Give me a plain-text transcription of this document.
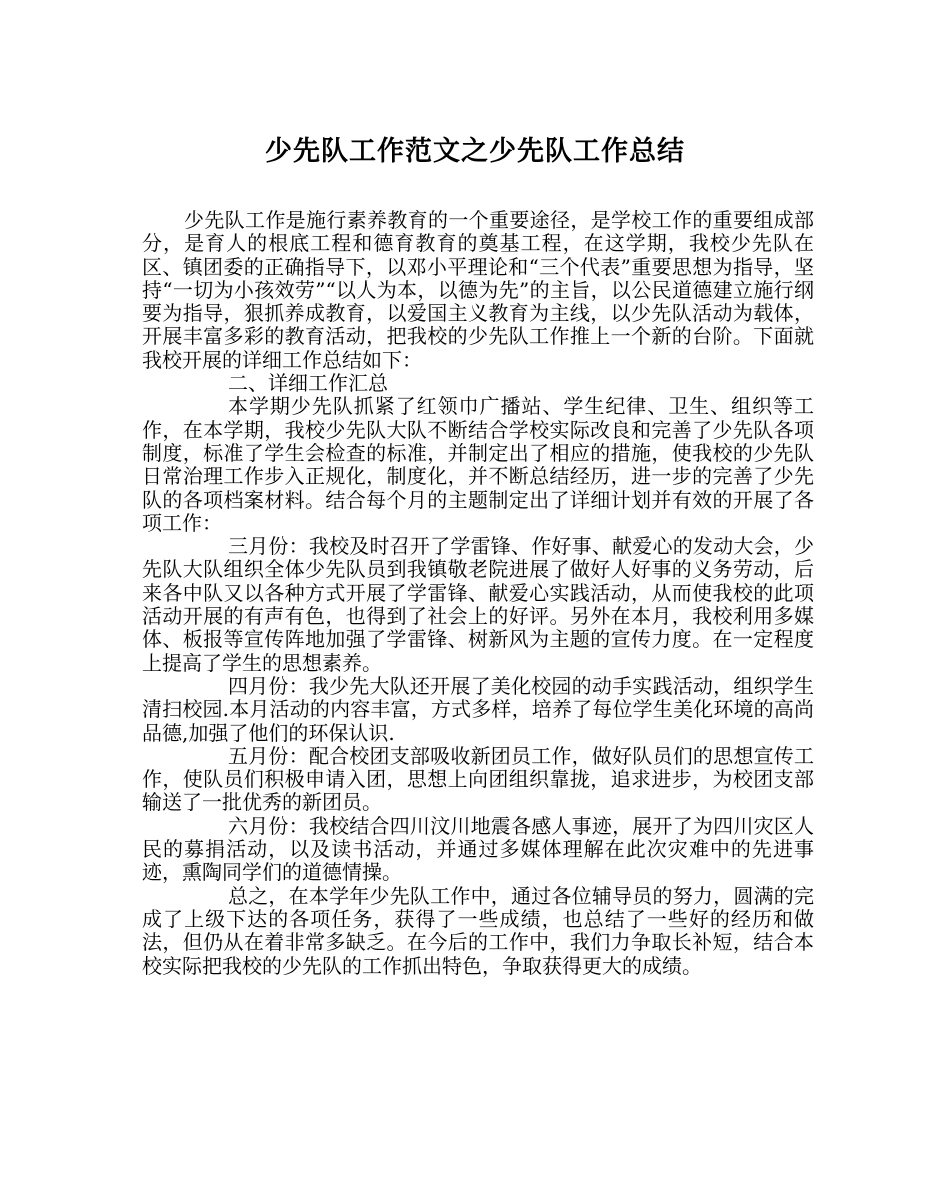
少先队工作范文之少先队工作总结

少先队工作是施行素养教育的一个重要途径，是学校工作的重要组成部分，是育人的根底工程和德育教育的奠基工程，在这学期，我校少先队在区、镇团委的正确指导下，以邓小平理论和“三个代表”重要思想为指导，坚持“一切为小孩效劳”“以人为本，以德为先”的主旨，以公民道德建立施行纲要为指导，狠抓养成教育，以爱国主义教育为主线，以少先队活动为载体，开展丰富多彩的教育活动，把我校的少先队工作推上一个新的台阶。下面就我校开展的详细工作总结如下：

二、详细工作汇总

本学期少先队抓紧了红领巾广播站、学生纪律、卫生、组织等工作，在本学期，我校少先队大队不断结合学校实际改良和完善了少先队各项制度，标准了学生会检查的标准，并制定出了相应的措施，使我校的少先队日常治理工作步入正规化，制度化，并不断总结经历，进一步的完善了少先队的各项档案材料。结合每个月的主题制定出了详细计划并有效的开展了各项工作：

三月份：我校及时召开了学雷锋、作好事、献爱心的发动大会，少先队大队组织全体少先队员到我镇敬老院进展了做好人好事的义务劳动，后来各中队又以各种方式开展了学雷锋、献爱心实践活动，从而使我校的此项活动开展的有声有色，也得到了社会上的好评。另外在本月，我校利用多媒体、板报等宣传阵地加强了学雷锋、树新风为主题的宣传力度。在一定程度上提高了学生的思想素养。

四月份：我少先大队还开展了美化校园的动手实践活动，组织学生清扫校园.本月活动的内容丰富，方式多样，培养了每位学生美化环境的高尚品德,加强了他们的环保认识.

五月份：配合校团支部吸收新团员工作，做好队员们的思想宣传工作，使队员们积极申请入团，思想上向团组织靠拢，追求进步，为校团支部输送了一批优秀的新团员。

六月份：我校结合四川汶川地震各感人事迹，展开了为四川灾区人民的募捐活动，以及读书活动，并通过多媒体理解在此次灾难中的先进事迹，熏陶同学们的道德情操。

总之，在本学年少先队工作中，通过各位辅导员的努力，圆满的完成了上级下达的各项任务，获得了一些成绩，也总结了一些好的经历和做法，但仍从在着非常多缺乏。在今后的工作中，我们力争取长补短，结合本校实际把我校的少先队的工作抓出特色，争取获得更大的成绩。
